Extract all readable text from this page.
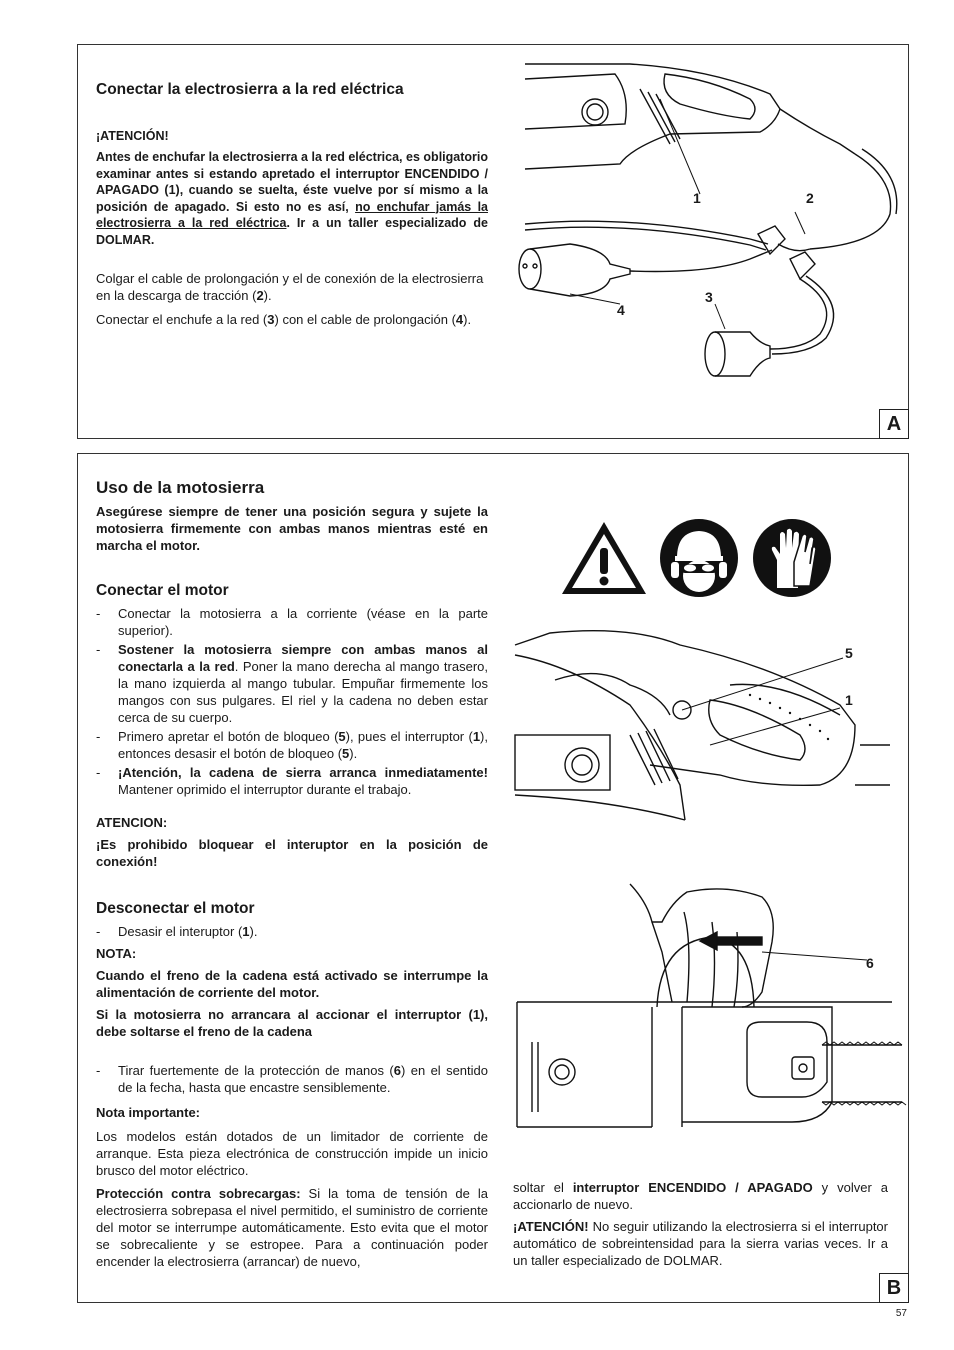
A
Conectar la electrosierra a la red eléctrica
¡ATENCIÓN!
Antes de enchufar la electrosierra a la red eléctrica, es obligatorio examinar antes si estando apretado el interruptor ENCENDIDO / APAGADO (1), cuando se suelta, éste vuelve por sí mismo a la posición de apagado. Si esto no es así, no enchufar jamás la electrosierra a la red eléctrica. Ir a un taller especializado de DOLMAR.
Colgar el cable de prolongación y el de conexión de la electrosierra en la descarga de tracción (2).
Conectar el enchufe a la red (3) con el cable de prolongación (4).
1	2
3
4
B
Uso de la motosierra
Asegúrese siempre de tener una posición segura y sujete la motosierra firmemente con ambas manos mientras esté en marcha el motor.
Conectar el motor
- Conectar la motosierra a la corriente (véase en la parte superior).
- Sostener la motosierra siempre con ambas manos al conectarla a la red. Poner la mano derecha al mango trasero, la mano izquierda al mango tubular. Empuñar firmemente los mangos con sus pulgares. El riel y la cadena no deben estar cerca de su cuerpo.
- Primero apretar el botón de bloqueo (5), pues el interruptor (1), entonces desasir el botón de bloqueo (5).
- ¡Atención, la cadena de sierra arranca inmediatamente! Mantener oprimido el interruptor durante el trabajo.
ATENCION:
¡Es prohibido bloquear el interuptor en la posición de conexión!
Desconectar el motor
- Desasir el interuptor (1).
NOTA:
Cuando el freno de la cadena está activado se interrumpe la alimentación de corriente del motor.
Si la motosierra no arrancara al accionar el interruptor (1), debe soltarse el freno de la cadena
- Tirar fuertemente de la protección de manos (6) en el sentido de la fecha, hasta que encastre sensiblemente.
Nota importante:
Los modelos están dotados de un limitador de corriente de arranque. Esta pieza electrónica de construcción impide un inicio brusco del motor eléctrico.
Protección contra sobrecargas: Si la toma de tensión de la electrosierra sobrepasa el nivel permitido, el suministro de corriente del motor se interrumpe automáticamente. Esto evita que el motor se sobrecaliente y se estropee. Para a continuación poder encender la electrosierra (arrancar) de nuevo,
soltar el interruptor ENCENDIDO / APAGADO y volver a accionarlo de nuevo.
¡ATENCIÓN! No seguir utilizando la electrosierra si el interruptor automático de sobreintensidad para la sierra varias veces. Ir a un taller especializado de DOLMAR.
5
1
6
57
